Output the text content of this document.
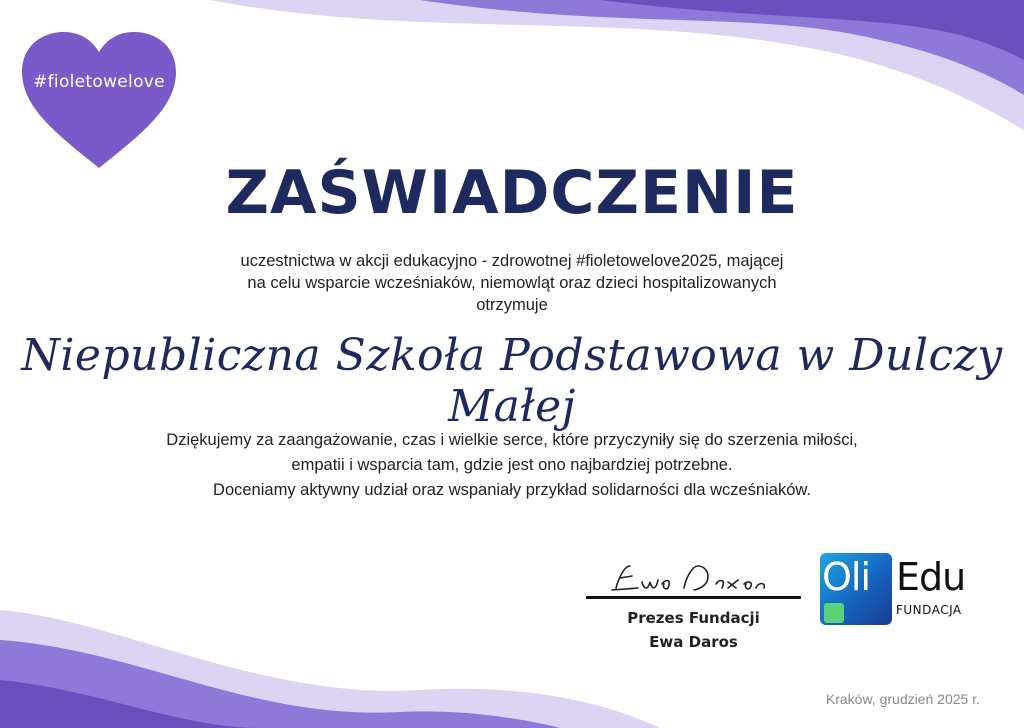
#fioletowelove
ZAŚWIADCZENIE
uczestnictwa w akcji edukacyjno - zdrowotnej #fioletowelove2025, mającej
na celu wsparcie wcześniaków, niemowląt oraz dzieci hospitalizowanych
otrzymuje
Niepubliczna Szkoła Podstawowa w Dulczy Małej
Dziękujemy za zaangażowanie, czas i wielkie serce, które przyczyniły się do szerzenia miłości,
empatii i wsparcia tam, gdzie jest ono najbardziej potrzebne.
Doceniamy aktywny udział oraz wspaniały przykład solidarności dla wcześniaków.
Prezes Fundacji
Ewa Daros
Oli Edu
FUNDACJA
Kraków, grudzień 2025 r.
